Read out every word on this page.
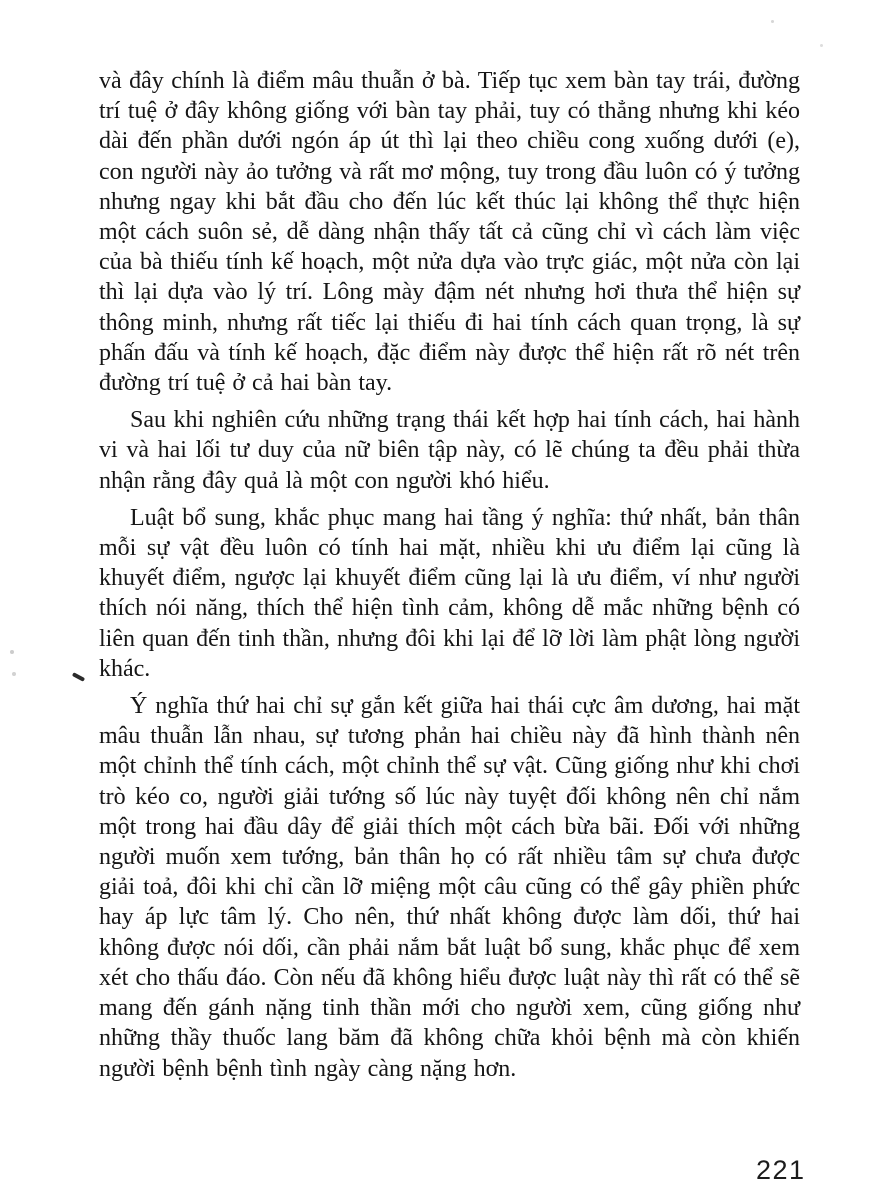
và đây chính là điểm mâu thuẫn ở bà. Tiếp tục xem bàn tay trái, đường trí tuệ ở đây không giống với bàn tay phải, tuy có thẳng nhưng khi kéo dài đến phần dưới ngón áp út thì lại theo chiều cong xuống dưới (e), con người này ảo tưởng và rất mơ mộng, tuy trong đầu luôn có ý tưởng nhưng ngay khi bắt đầu cho đến lúc kết thúc lại không thể thực hiện một cách suôn sẻ, dễ dàng nhận thấy tất cả cũng chỉ vì cách làm việc của bà thiếu tính kế hoạch, một nửa dựa vào trực giác, một nửa còn lại thì lại dựa vào lý trí. Lông mày đậm nét nhưng hơi thưa thể hiện sự thông minh, nhưng rất tiếc lại thiếu đi hai tính cách quan trọng, là sự phấn đấu và tính kế hoạch, đặc điểm này được thể hiện rất rõ nét trên đường trí tuệ ở cả hai bàn tay.

Sau khi nghiên cứu những trạng thái kết hợp hai tính cách, hai hành vi và hai lối tư duy của nữ biên tập này, có lẽ chúng ta đều phải thừa nhận rằng đây quả là một con người khó hiểu.

Luật bổ sung, khắc phục mang hai tầng ý nghĩa: thứ nhất, bản thân mỗi sự vật đều luôn có tính hai mặt, nhiều khi ưu điểm lại cũng là khuyết điểm, ngược lại khuyết điểm cũng lại là ưu điểm, ví như người thích nói năng, thích thể hiện tình cảm, không dễ mắc những bệnh có liên quan đến tinh thần, nhưng đôi khi lại để lỡ lời làm phật lòng người khác.

Ý nghĩa thứ hai chỉ sự gắn kết giữa hai thái cực âm dương, hai mặt mâu thuẫn lẫn nhau, sự tương phản hai chiều này đã hình thành nên một chỉnh thể tính cách, một chỉnh thể sự vật. Cũng giống như khi chơi trò kéo co, người giải tướng số lúc này tuyệt đối không nên chỉ nắm một trong hai đầu dây để giải thích một cách bừa bãi. Đối với những người muốn xem tướng, bản thân họ có rất nhiều tâm sự chưa được giải toả, đôi khi chỉ cần lỡ miệng một câu cũng có thể gây phiền phức hay áp lực tâm lý. Cho nên, thứ nhất không được làm dối, thứ hai không được nói dối, cần phải nắm bắt luật bổ sung, khắc phục để xem xét cho thấu đáo. Còn nếu đã không hiểu được luật này thì rất có thể sẽ mang đến gánh nặng tinh thần mới cho người xem, cũng giống như những thầy thuốc lang băm đã không chữa khỏi bệnh mà còn khiến người bệnh bệnh tình ngày càng nặng hơn.

221
